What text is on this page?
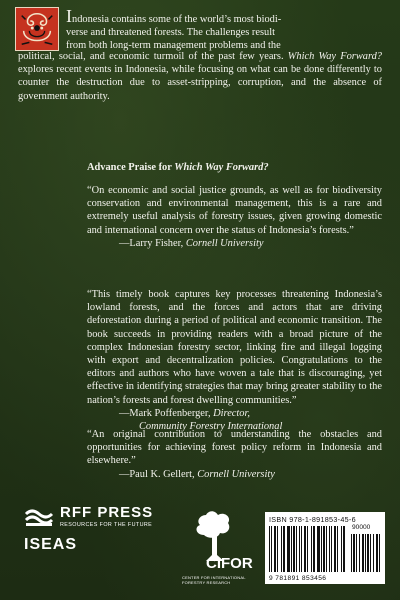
Indonesia contains some of the world’s most biodi-
verse and threatened forests. The challenges result
from both long-term management problems and the

political, social, and economic turmoil of the past few years. Which Way Forward? explores recent events in Indonesia, while focusing on what can be done differently to counter the destruction due to asset-stripping, corruption, and the absence of government authority.

Advance Praise for Which Way Forward?

“On economic and social justice grounds, as well as for biodiversity conservation and environmental management, this is a rare and extremely useful analysis of forestry issues, given growing domestic and international concern over the status of Indonesia’s forests.”

—Larry Fisher, Cornell University

“This timely book captures key processes threatening Indonesia’s lowland forests, and the forces and actors that are driving deforestation during a period of political and economic transition. The book succeeds in providing readers with a broad picture of the complex Indonesian forestry sector, linking fire and illegal logging with export and decentralization policies. Congratulations to the editors and authors who have woven a tale that is discouraging, yet effective in identifying strategies that may bring greater stability to the nation’s forests and forest dwelling communities.”

—Mark Poffenberger, Director,

Community Forestry International

“An original contribution to understanding the obstacles and opportunities for achieving forest policy reform in Indonesia and elsewhere.”

—Paul K. Gellert, Cornell University

RFF PRESS
RESOURCES FOR THE FUTURE
ISEAS
CIFOR
CENTER FOR INTERNATIONAL FORESTRY RESEARCH
ISBN 978-1-891853-45-6
90000
9 781891 853456
